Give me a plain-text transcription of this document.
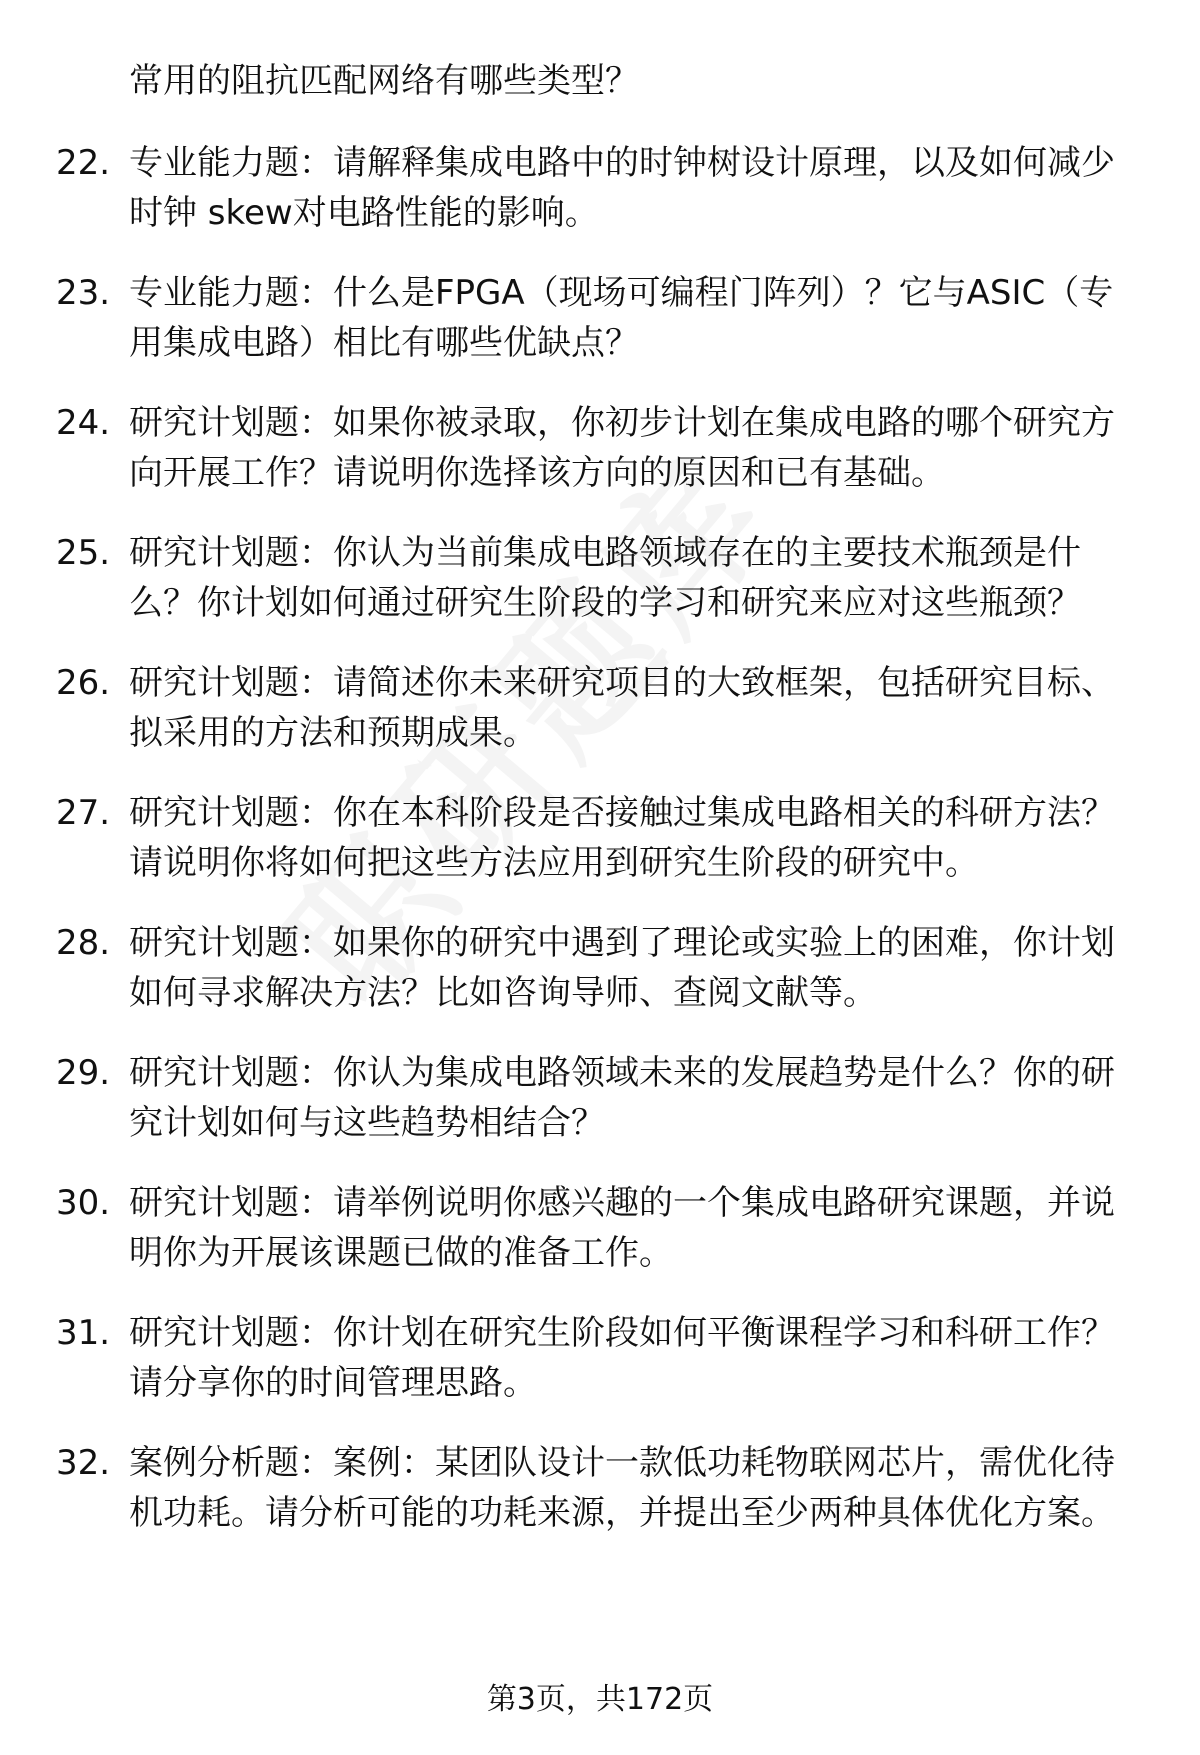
常用的阻抗匹配网络有哪些类型？
22. 专业能力题：请解释集成电路中的时钟树设计原理，以及如何减少时钟 skew对电路性能的影响。
23. 专业能力题：什么是FPGA（现场可编程门阵列）？它与ASIC（专用集成电路）相比有哪些优缺点？
24. 研究计划题：如果你被录取，你初步计划在集成电路的哪个研究方向开展工作？请说明你选择该方向的原因和已有基础。
25. 研究计划题：你认为当前集成电路领域存在的主要技术瓶颈是什么？你计划如何通过研究生阶段的学习和研究来应对这些瓶颈？
26. 研究计划题：请简述你未来研究项目的大致框架，包括研究目标、拟采用的方法和预期成果。
27. 研究计划题：你在本科阶段是否接触过集成电路相关的科研方法？请说明你将如何把这些方法应用到研究生阶段的研究中。
28. 研究计划题：如果你的研究中遇到了理论或实验上的困难，你计划如何寻求解决方法？比如咨询导师、查阅文献等。
29. 研究计划题：你认为集成电路领域未来的发展趋势是什么？你的研究计划如何与这些趋势相结合？
30. 研究计划题：请举例说明你感兴趣的一个集成电路研究课题，并说明你为开展该课题已做的准备工作。
31. 研究计划题：你计划在研究生阶段如何平衡课程学习和科研工作？请分享你的时间管理思路。
32. 案例分析题：案例：某团队设计一款低功耗物联网芯片，需优化待机功耗。请分析可能的功耗来源，并提出至少两种具体优化方案。
第3页，共172页
